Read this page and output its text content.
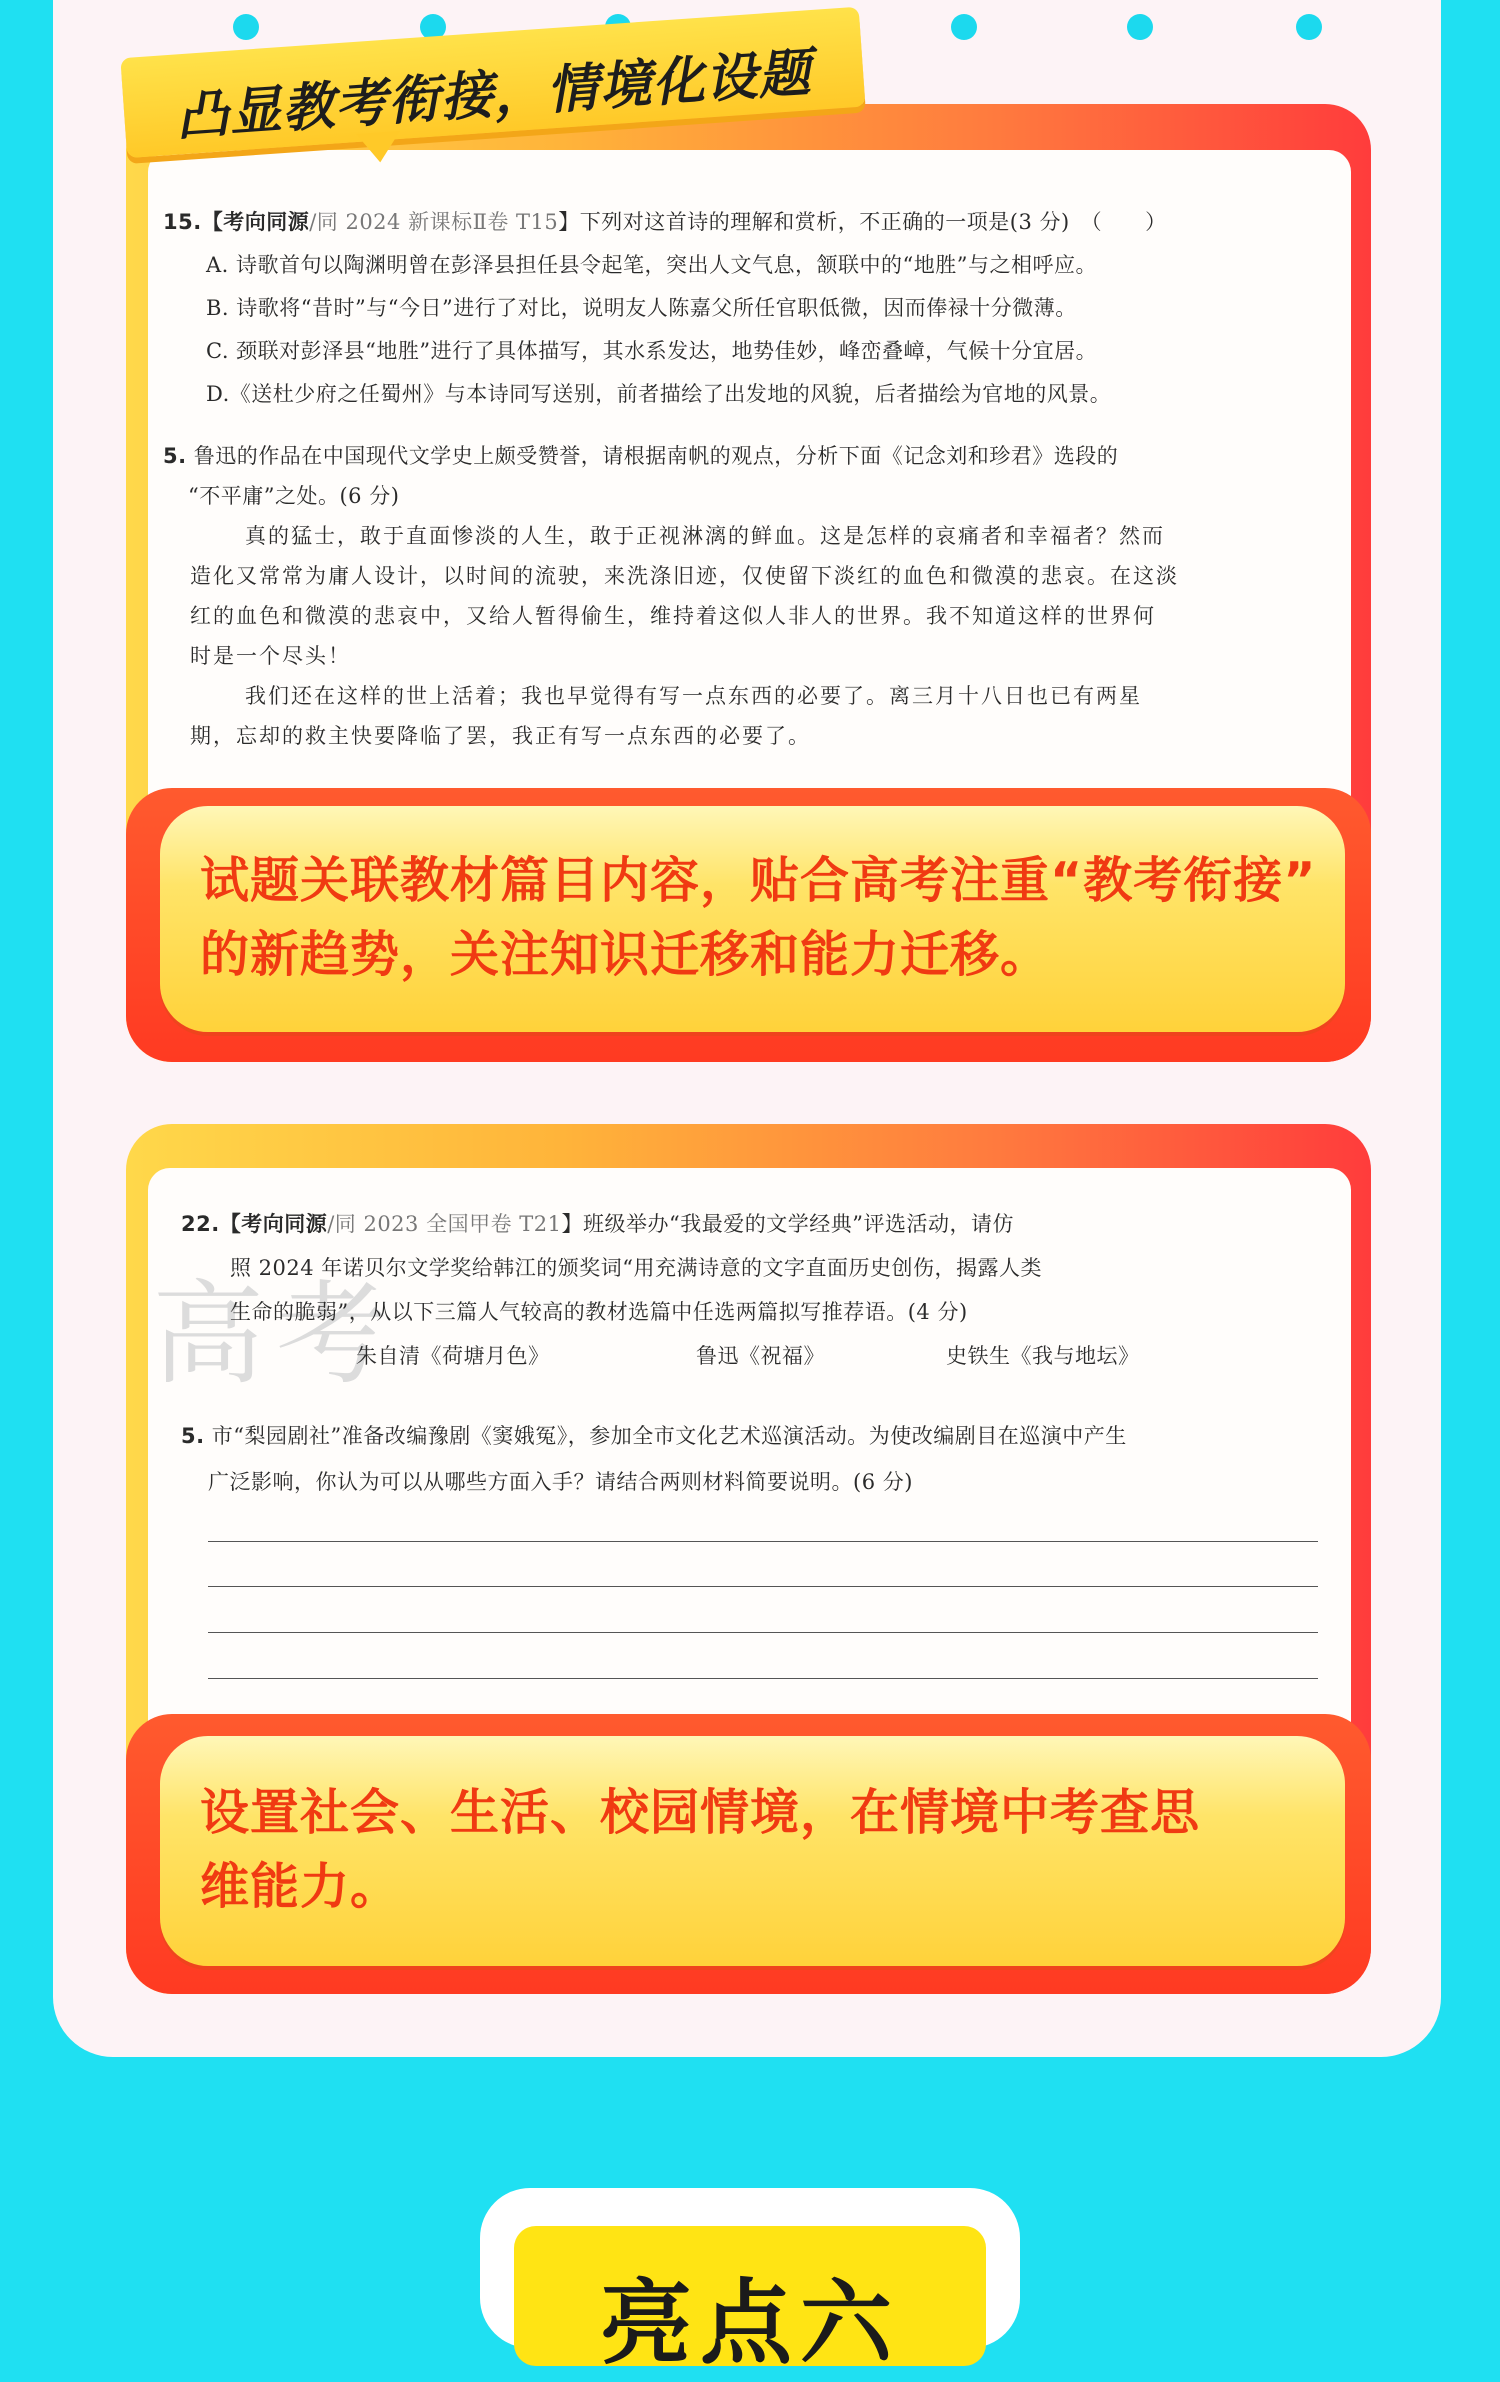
试题关联教材篇目内容，贴合高考注重“教考衔接”
的新趋势，关注知识迁移和能力迁移。
15.【考向同源/同 2024 新课标Ⅱ卷 T15】下列对这首诗的理解和赏析，不正确的一项是(3 分)　（　　）
A. 诗歌首句以陶渊明曾在彭泽县担任县令起笔，突出人文气息，颔联中的“地胜”与之相呼应。
B. 诗歌将“昔时”与“今日”进行了对比，说明友人陈嘉父所任官职低微，因而俸禄十分微薄。
C. 颈联对彭泽县“地胜”进行了具体描写，其水系发达，地势佳妙，峰峦叠嶂，气候十分宜居。
D.《送杜少府之任蜀州》与本诗同写送别，前者描绘了出发地的风貌，后者描绘为官地的风景。
5. 鲁迅的作品在中国现代文学史上颇受赞誉，请根据南帆的观点，分析下面《记念刘和珍君》选段的
“不平庸”之处。(6 分)
真的猛士，敢于直面惨淡的人生，敢于正视淋漓的鲜血。这是怎样的哀痛者和幸福者？然而
造化又常常为庸人设计，以时间的流驶，来洗涤旧迹，仅使留下淡红的血色和微漠的悲哀。在这淡
红的血色和微漠的悲哀中，又给人暂得偷生，维持着这似人非人的世界。我不知道这样的世界何
时是一个尽头！
我们还在这样的世上活着；我也早觉得有写一点东西的必要了。离三月十八日也已有两星
期，忘却的救主快要降临了罢，我正有写一点东西的必要了。
凸显教考衔接，情境化设题
设置社会、生活、校园情境，在情境中考查思
维能力。
高考
22.【考向同源/同 2023 全国甲卷 T21】班级举办“我最爱的文学经典”评选活动，请仿
照 2024 年诺贝尔文学奖给韩江的颁奖词“用充满诗意的文字直面历史创伤，揭露人类
生命的脆弱”，从以下三篇人气较高的教材选篇中任选两篇拟写推荐语。(4 分)
朱自清《荷塘月色》	鲁迅《祝福》	史铁生《我与地坛》
5. 市“梨园剧社”准备改编豫剧《窦娥冤》，参加全市文化艺术巡演活动。为使改编剧目在巡演中产生
广泛影响，你认为可以从哪些方面入手？请结合两则材料简要说明。(6 分)
亮点六
